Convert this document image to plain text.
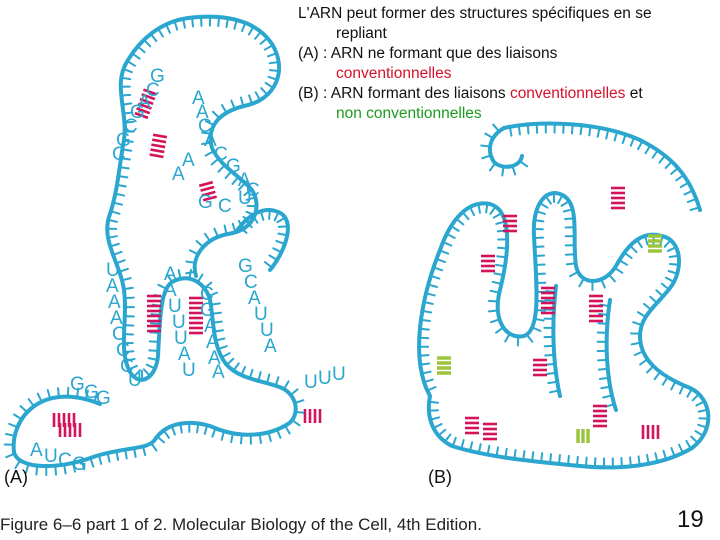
G
C
A
G
C
G
C
A
A
C
A
C
G
A
C
A
A
G C U
U
A
A
A
C
C
C
U
G G
G
A U C G
A
A
U
U
U
A
U
G
C
A
U
U
A
C
G
A
A
A
A	U U U
(A)	(B)
L'ARN peut former des structures spécifiques en se
repliant
(A) : ARN ne formant que des liaisons
conventionnelles
(B) : ARN formant des liaisons conventionnelles et
non conventionnelles
Figure 6–6 part 1 of 2. Molecular Biology of the Cell, 4th Edition.	19
